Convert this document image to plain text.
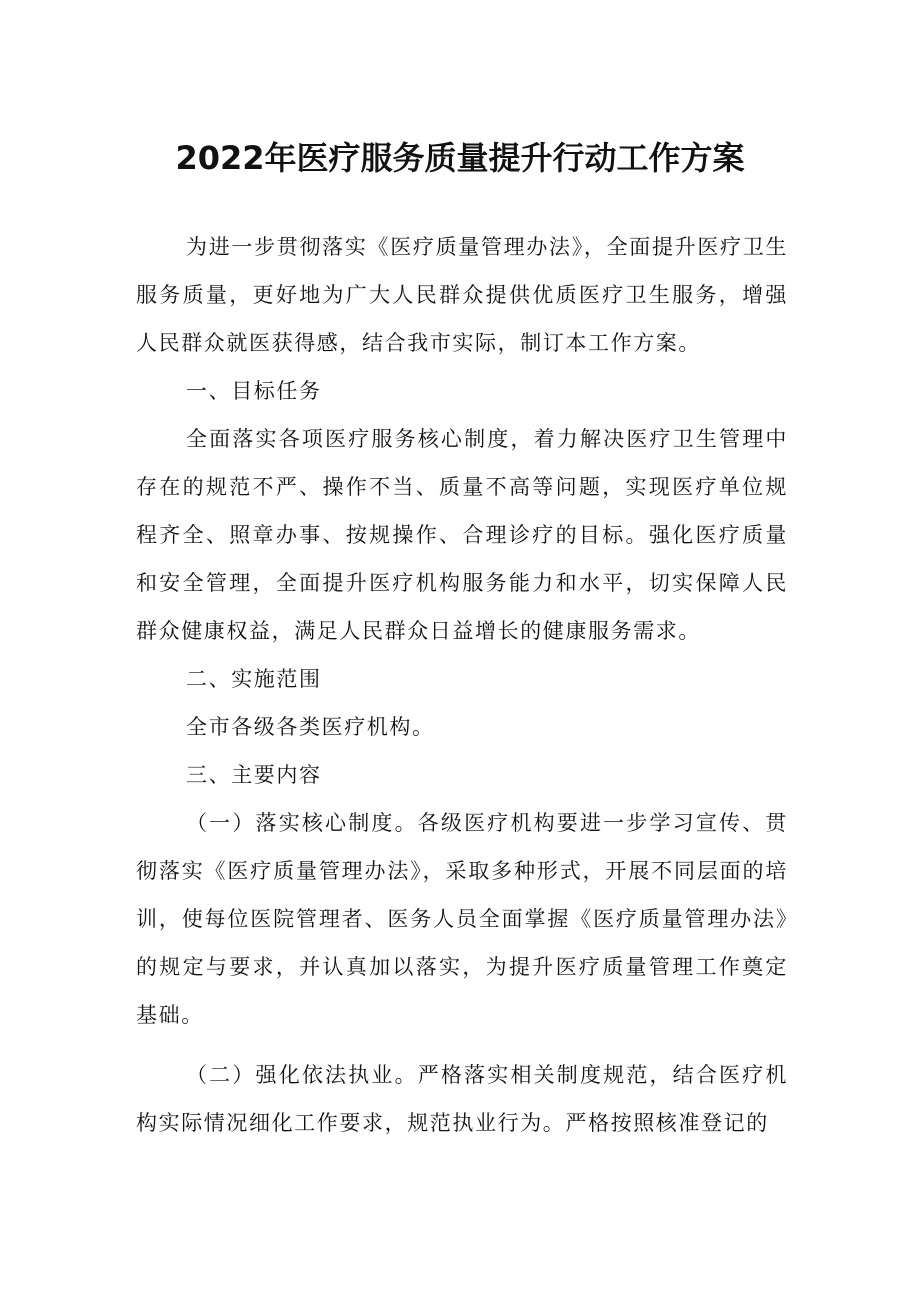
2022年医疗服务质量提升行动工作方案

为进一步贯彻落实《医疗质量管理办法》，全面提升医疗卫生服务质量，更好地为广大人民群众提供优质医疗卫生服务，增强人民群众就医获得感，结合我市实际，制订本工作方案。

一、目标任务

全面落实各项医疗服务核心制度，着力解决医疗卫生管理中存在的规范不严、操作不当、质量不高等问题，实现医疗单位规程齐全、照章办事、按规操作、合理诊疗的目标。强化医疗质量和安全管理，全面提升医疗机构服务能力和水平，切实保障人民群众健康权益，满足人民群众日益增长的健康服务需求。

二、实施范围

全市各级各类医疗机构。

三、主要内容

（一）落实核心制度。各级医疗机构要进一步学习宣传、贯彻落实《医疗质量管理办法》，采取多种形式，开展不同层面的培训，使每位医院管理者、医务人员全面掌握《医疗质量管理办法》的规定与要求，并认真加以落实，为提升医疗质量管理工作奠定基础。

（二）强化依法执业。严格落实相关制度规范，结合医疗机构实际情况细化工作要求，规范执业行为。严格按照核准登记的
